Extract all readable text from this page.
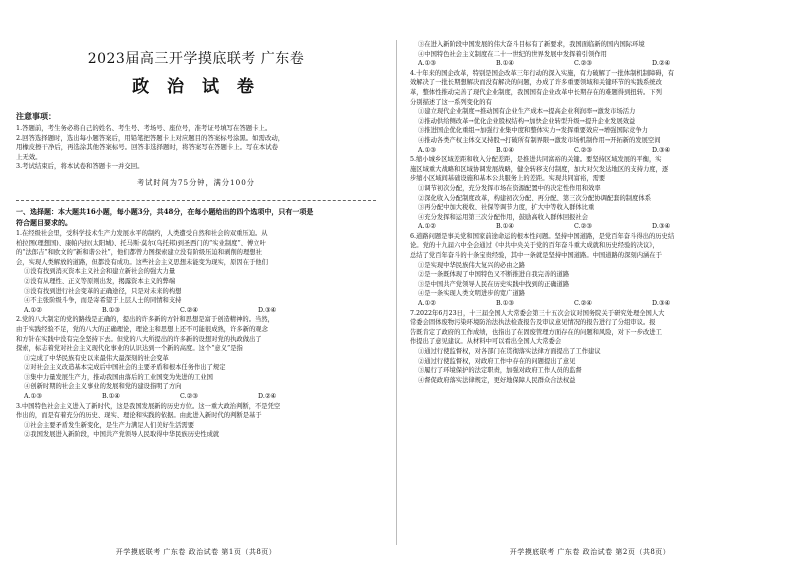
2023届高三开学摸底联考 广东卷
政 治 试 卷
注意事项：

1.答题前，考生务必将自己的姓名、考生号、考场号、座位号，准考证号填写在答题卡上。

2.回答选择题时，选出每小题答案后，用铅笔把答题卡上对应题目的答案标号涂黑。如需改动，

用橡皮擦干净后，再选涂其他答案标号。回答非选择题时，将答案写在答题卡上。写在本试卷

上无效。

3.考试结束后，将本试卷和答题卡一并交回。

考试时间为75分钟，满分100分
一、选择题：本大题共16小题，每小题3分，共48分，在每小题给出的四个选项中，只有一项是
符合题目要求的。

1.在经级社会里，受科学技术生产力发展水平的制约，人类遭受自然和社会的双重压迫。从

柏拉图(理想国)、康帕内拉(太阳城)、托马斯·莫尔(乌托邦)到圣西门的“实业制度”、傅立叶

的“法郎吉”和欧文的“新和谐公社”，他们都曾力图探索建立没有阶级压迫和剥削的理想社

会，实现人类解放的道路，但都没有成功。这些社会主义思想未能变为现实，原因在于他们

①没有找到消灭资本主义社会和建立新社会的强大力量

②没有从理性、正义等原则出发，揭露资本主义的弊端

③没有找到进行社会变革的正确途径，只是对未来的构想

④不主张阶级斗争，而是寄希望于上层人士的同情和支持

A.①②	B.①③	C.②④	D.③④

2.党的八大制定的党的路线是正确的，提出的许多新的方针和思想是富于创造精神的。当然，

由于实践经验不足，党的八大的正确理论，理论主和思想上还不可能很成熟，许多新的观念

和方针在实践中没有完全坚持下去。但党的八大所提出的许多新的设想对党的执政做出了

探索，标志着党对社会主义现代化事业的认识达到一个新的高度。这个“意义”是指

①完成了中华民族有史以来最伟大最深刻的社会变革

②对社会主义改造基本完成后中国社会的主要矛盾和根本任务作出了规定

③集中力量发展生产力，推动我国由落后的工业国变为先进的工业国

④创新时期的社会主义事业的发展和党的建设指明了方向

A.①③	B.①④	C.②③	D.②④

3.中国特色社会主义进入了新时代，这是我国发展新的历史方位。这一重大政治判断，不是凭空

作出的，而是有着充分的历史、现实、理论和实践的依据。由此进入新时代的判断是基于

①社会主要矛盾发生新变化，是生产力满足人们美好生活需要

②我国发展进入新阶段，中国共产党领导人民取得中华民族历史性成就

③在进入新阶段中国发展的伟大奋斗目标有了新要求，我国面临新的国内国际环境

④中国特色社会主义制度在二十一世纪的世界发展中发挥着引领作用

A.①③	B.①④	C.②③	D.②④

4.十年来的国企改革，特别是国企改革三年行动的深入实施，有力破解了一批体制机制障碍，有

效解决了一批长期想解决而没有解决的问题，办成了许多重要领域和关键环节的实践系统改

革，整体性推动完善了现代企业制度，我国国有企业改革中长期存在的难题得到扭转。下列

分别描述了这一系列变化的有

①建立现代企业制度→推动国有企业生产成本→提高企业利润率→激发市场活力

②推动供给侧改革→优化企业股权结构→加快企业转型升级→提升企业发展效益

③推进国企优化重组→加强行业集中度和整体实力→发挥重要效应→增强国际竞争力

④推动各类产权主体交叉持股→打破所有制界限→激发市场机制作用→开拓新的发展空间

A.①③	B.①④	C.②③	D.③④

5.缩小城乡区域差距和收入分配差距，是推进共同富裕的关键。要坚持区域发展的平衡，实

施区域重大战略和区域协调发展战略，健全转移支付制度，加大对欠发达地区的支持力度，逐

步缩小区域间基础设施和基本公共服务上的差距。实现共同富裕，需要

①调节初次分配，充分发挥市场在资源配置中的决定性作用和效率

②深化收入分配制度改革，构建初次分配、再分配、第三次分配协调配套的制度体系

③再分配中加大税收、社保等调节力度，扩大中等收入群体比重

④充分发挥和运用第三次分配作用，鼓励高收入群体回报社会

A.①②	B.①④	C.②③	D.③④

6.道路问题是事关党和国家前途命运的根本性问题。坚持中国道路，是党百年奋斗得出的历史结

论。党的十九届六中全会通过《中共中央关于党的百年奋斗重大成就和历史经验的决议》，

总结了党百年奋斗的十条宝贵经验，其中一条就是坚持中国道路。中国道路的深刻内涵在于

①是实现中华民族伟大复兴的必由之路

②是一条既体现了中国特色又不断推进自我完善的道路

③是中国共产党领导人民在历史实践中找到的正确道路

④是一条实现人类文明进步的宽广道路

A.①②	B.①③	C.②④	D.③④

7.2022年6月23日，十三届全国人大常委会第三十五次会议对国务院关于研究处理全国人大

常委会固体废物污染环境防治法执法检查报告及审议意见情况的报告进行了分组审议。报

告既肯定了政府的工作成绩，也指出了在固废管理方面存在的问题和风险，对下一步改进工

作提出了意见建议。从材料中可以看出全国人大常委会

①通过行使监督权，对各部门在贯彻落实法律方面提出了工作建议

②通过行使监督权，对政府工作中存在的问题提出了意见

③履行了环境保护的法定职责，加强对政府工作人员的监督

④督促政府落实法律规定，更好地保障人民群众合法权益

开学摸底联考 广东卷 政治试卷 第1页（共8页）	开学摸底联考 广东卷 政治试卷 第2页（共8页）
